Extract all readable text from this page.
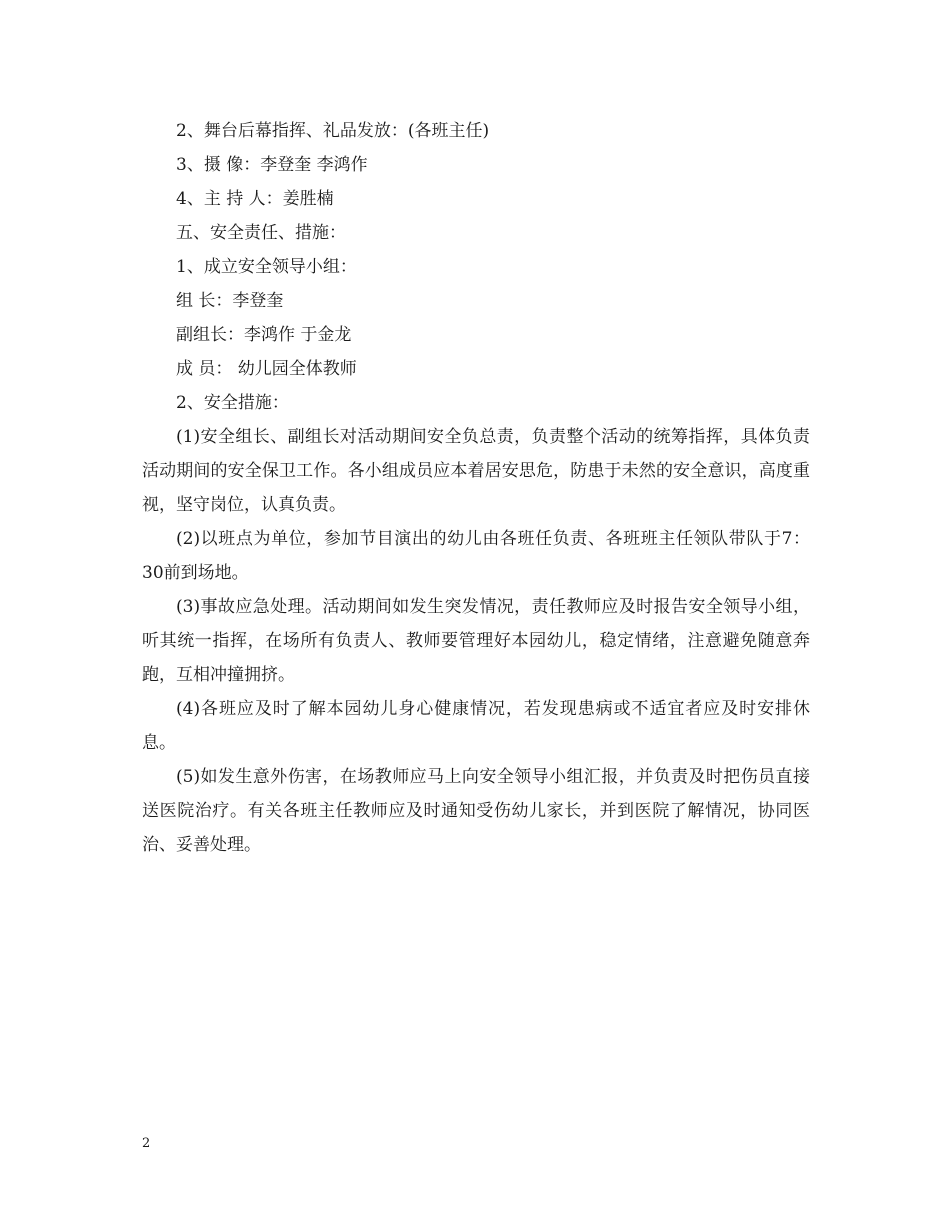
2、舞台后幕指挥、礼品发放：(各班主任)
3、摄 像：李登奎 李鸿作
4、主 持 人：姜胜楠
五、安全责任、措施：
1、成立安全领导小组：
组 长：李登奎
副组长：李鸿作 于金龙
成 员： 幼儿园全体教师
2、安全措施：

(1)安全组长、副组长对活动期间安全负总责，负责整个活动的统筹指挥，具体负责活动期间的安全保卫工作。各小组成员应本着居安思危，防患于未然的安全意识，高度重视，坚守岗位，认真负责。

(2)以班点为单位，参加节目演出的幼儿由各班任负责、各班班主任领队带队于7：30前到场地。

(3)事故应急处理。活动期间如发生突发情况，责任教师应及时报告安全领导小组，听其统一指挥，在场所有负责人、教师要管理好本园幼儿，稳定情绪，注意避免随意奔跑，互相冲撞拥挤。

(4)各班应及时了解本园幼儿身心健康情况，若发现患病或不适宜者应及时安排休息。

(5)如发生意外伤害，在场教师应马上向安全领导小组汇报，并负责及时把伤员直接送医院治疗。有关各班主任教师应及时通知受伤幼儿家长，并到医院了解情况，协同医治、妥善处理。

2
